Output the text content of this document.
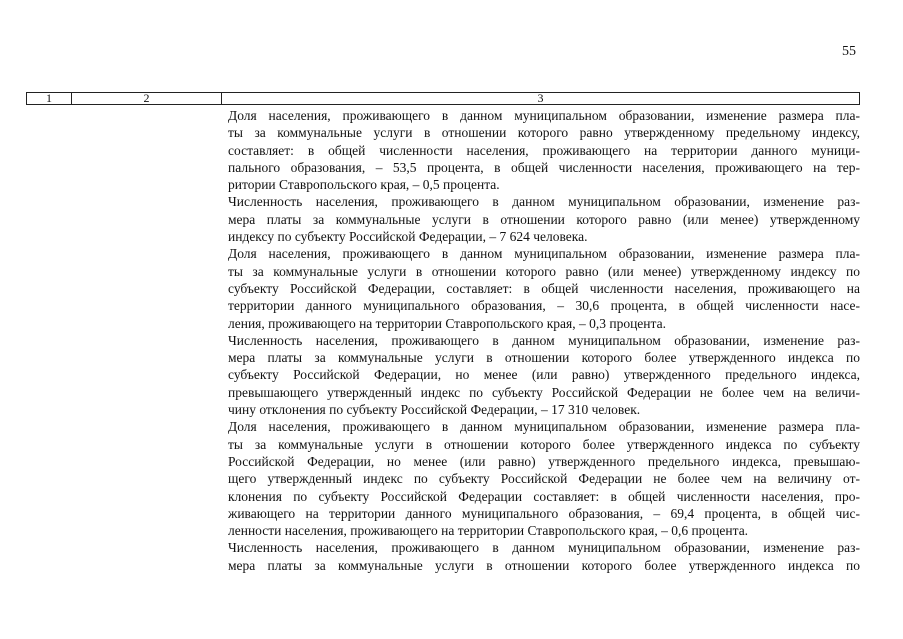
55
1	2	3
Доля населения, проживающего в данном муниципальном образовании, изменение размера пла-
ты за коммунальные услуги в отношении которого равно утвержденному предельному индексу,
составляет: в общей численности населения, проживающего на территории данного муници-
пального образования, – 53,5 процента, в общей численности населения, проживающего на тер-
ритории Ставропольского края, – 0,5 процента.
Численность населения, проживающего в данном муниципальном образовании, изменение раз-
мера платы за коммунальные услуги в отношении которого равно (или менее) утвержденному
индексу по субъекту Российской Федерации, – 7 624 человека.
Доля населения, проживающего в данном муниципальном образовании, изменение размера пла-
ты за коммунальные услуги в отношении которого равно (или менее) утвержденному индексу по
субъекту Российской Федерации, составляет: в общей численности населения, проживающего на
территории данного муниципального образования, – 30,6 процента, в общей численности насе-
ления, проживающего на территории Ставропольского края, – 0,3 процента.
Численность населения, проживающего в данном муниципальном образовании, изменение раз-
мера платы за коммунальные услуги в отношении которого более утвержденного индекса по
субъекту Российской Федерации, но менее (или равно) утвержденного предельного индекса,
превышающего утвержденный индекс по субъекту Российской Федерации не более чем на величи-
чину отклонения по субъекту Российской Федерации, – 17 310 человек.
Доля населения, проживающего в данном муниципальном образовании, изменение размера пла-
ты за коммунальные услуги в отношении которого более утвержденного индекса по субъекту
Российской Федерации, но менее (или равно) утвержденного предельного индекса, превышаю-
щего утвержденный индекс по субъекту Российской Федерации не более чем на величину от-
клонения по субъекту Российской Федерации составляет: в общей численности населения, про-
живающего на территории данного муниципального образования, – 69,4 процента, в общей чис-
ленности населения, проживающего на территории Ставропольского края, – 0,6 процента.
Численность населения, проживающего в данном муниципальном образовании, изменение раз-
мера платы за коммунальные услуги в отношении которого более утвержденного индекса по
